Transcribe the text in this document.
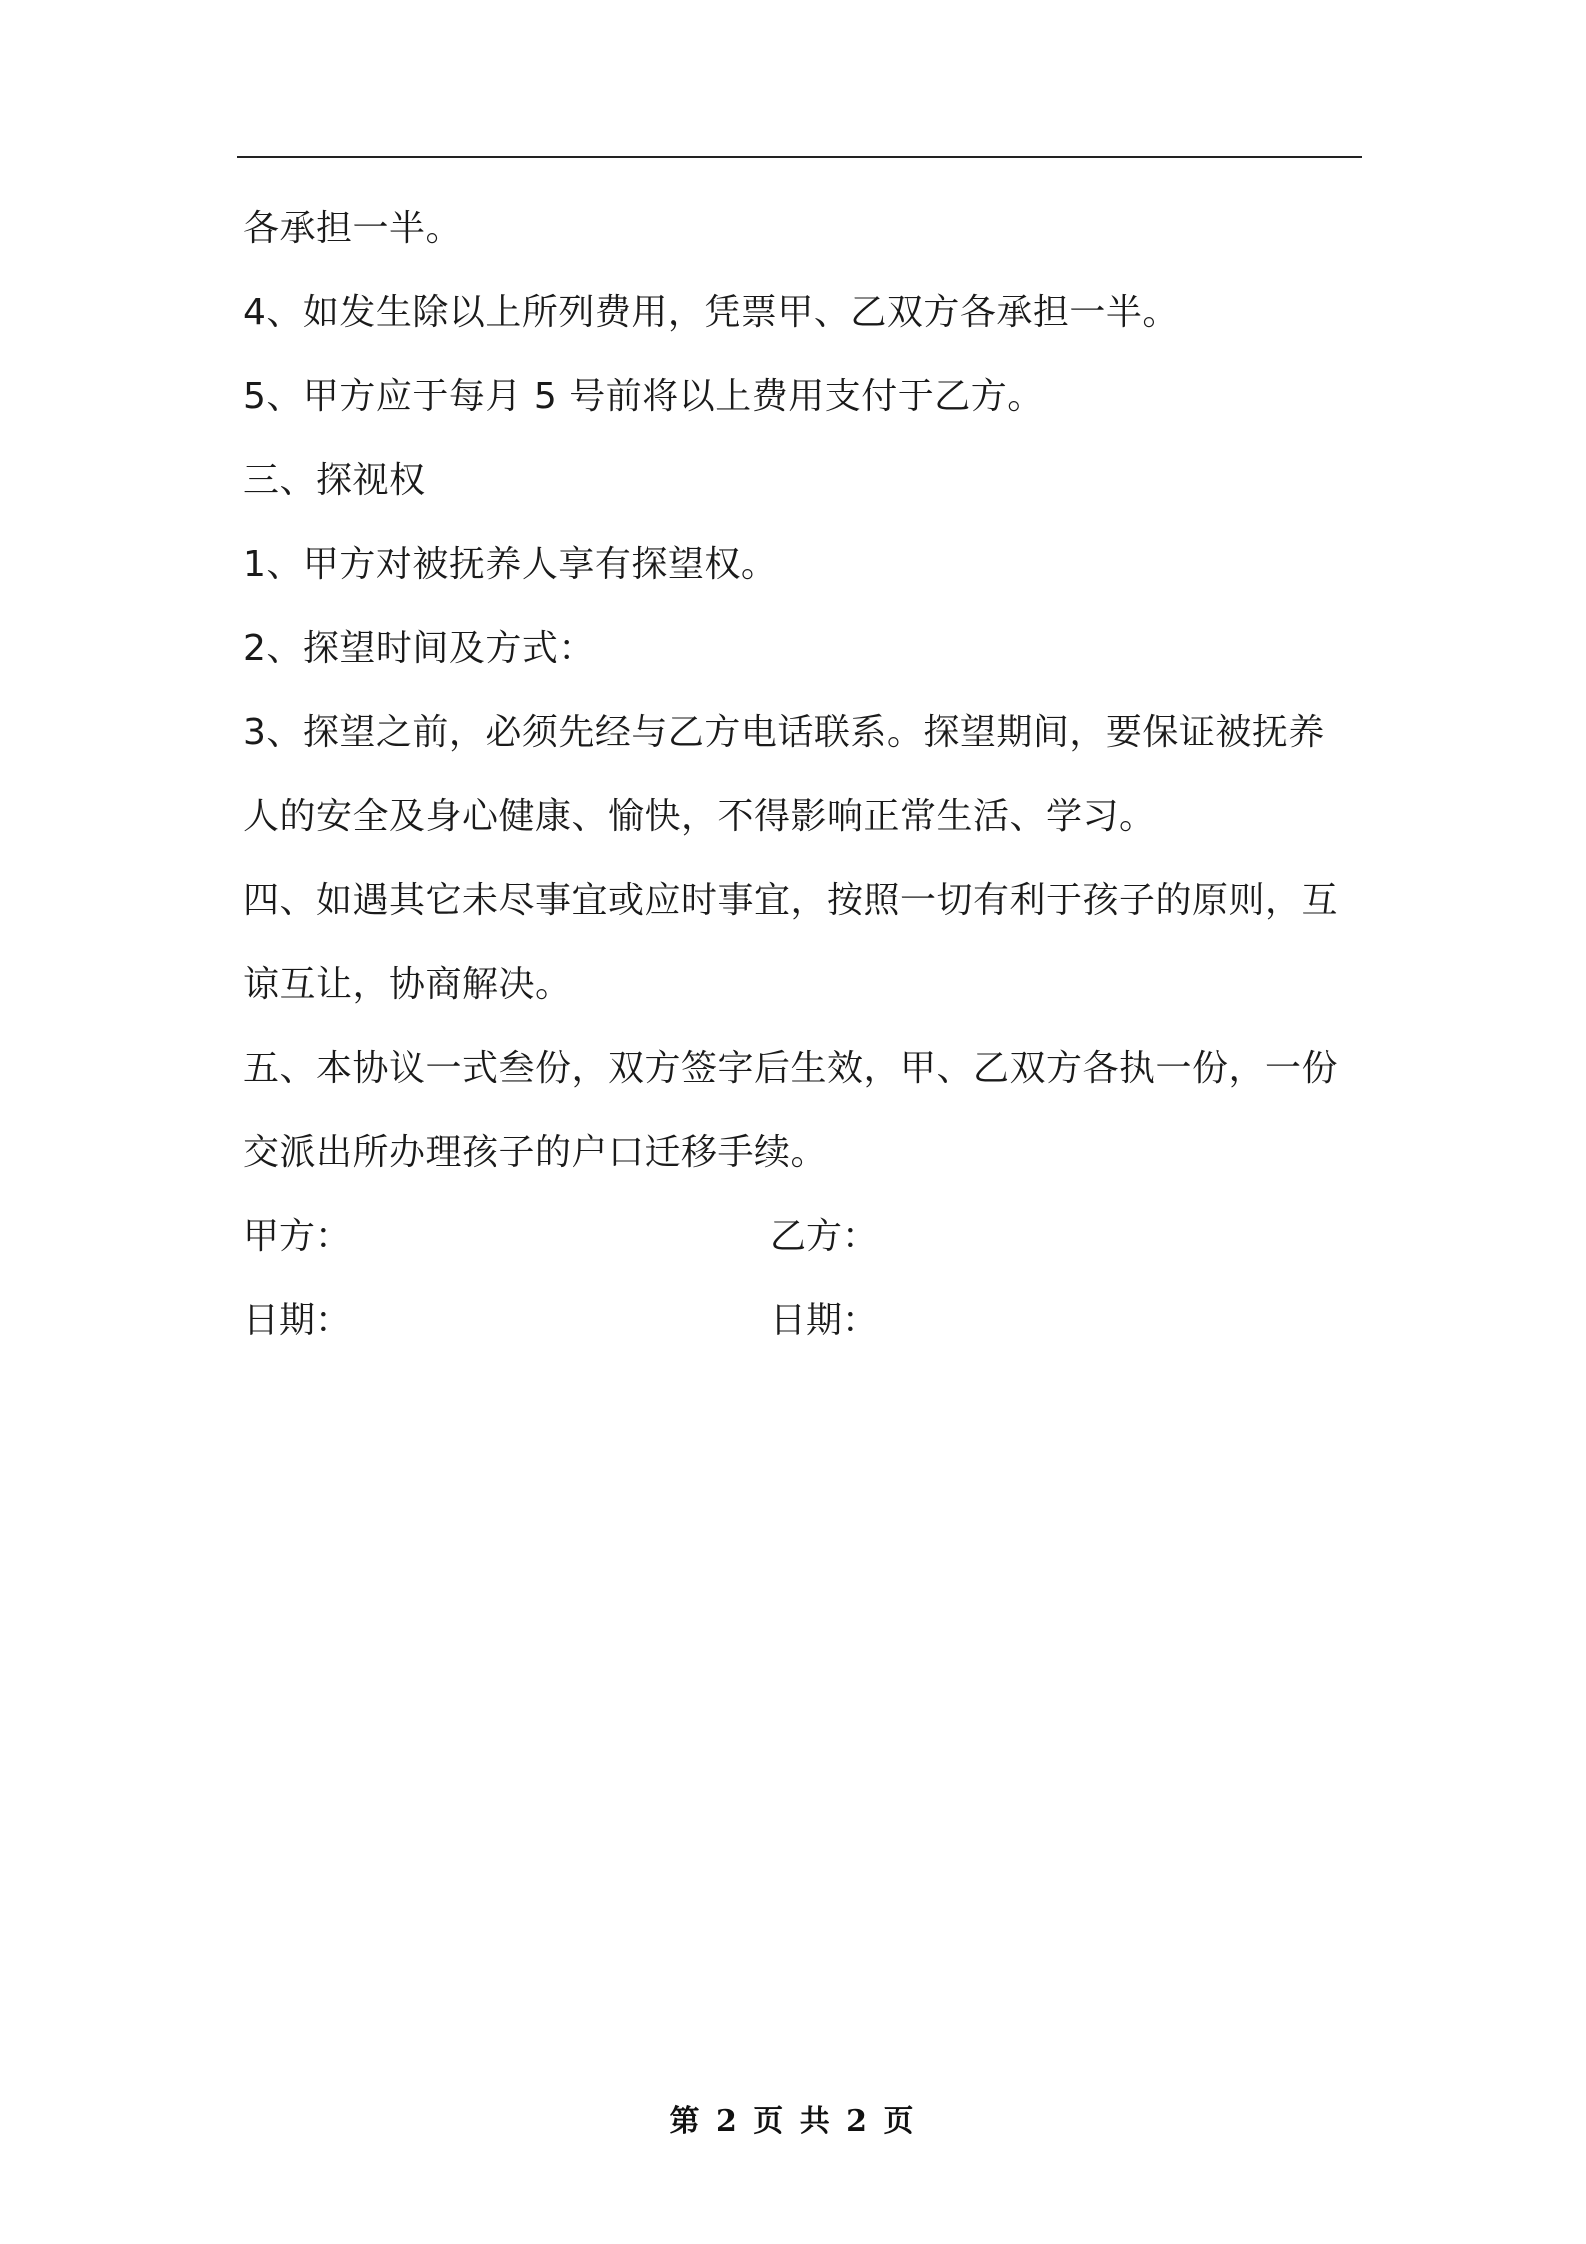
各承担一半。
4、如发生除以上所列费用，凭票甲、乙双方各承担一半。
5、甲方应于每月 5 号前将以上费用支付于乙方。
三、探视权
1、甲方对被抚养人享有探望权。
2、探望时间及方式：
3、探望之前，必须先经与乙方电话联系。探望期间，要保证被抚养
人的安全及身心健康、愉快，不得影响正常生活、学习。
四、如遇其它未尽事宜或应时事宜，按照一切有利于孩子的原则，互
谅互让，协商解决。
五、本协议一式叁份，双方签字后生效，甲、乙双方各执一份，一份
交派出所办理孩子的户口迁移手续。
甲方：	乙方：
日期：	日期：
第 2 页 共 2 页
